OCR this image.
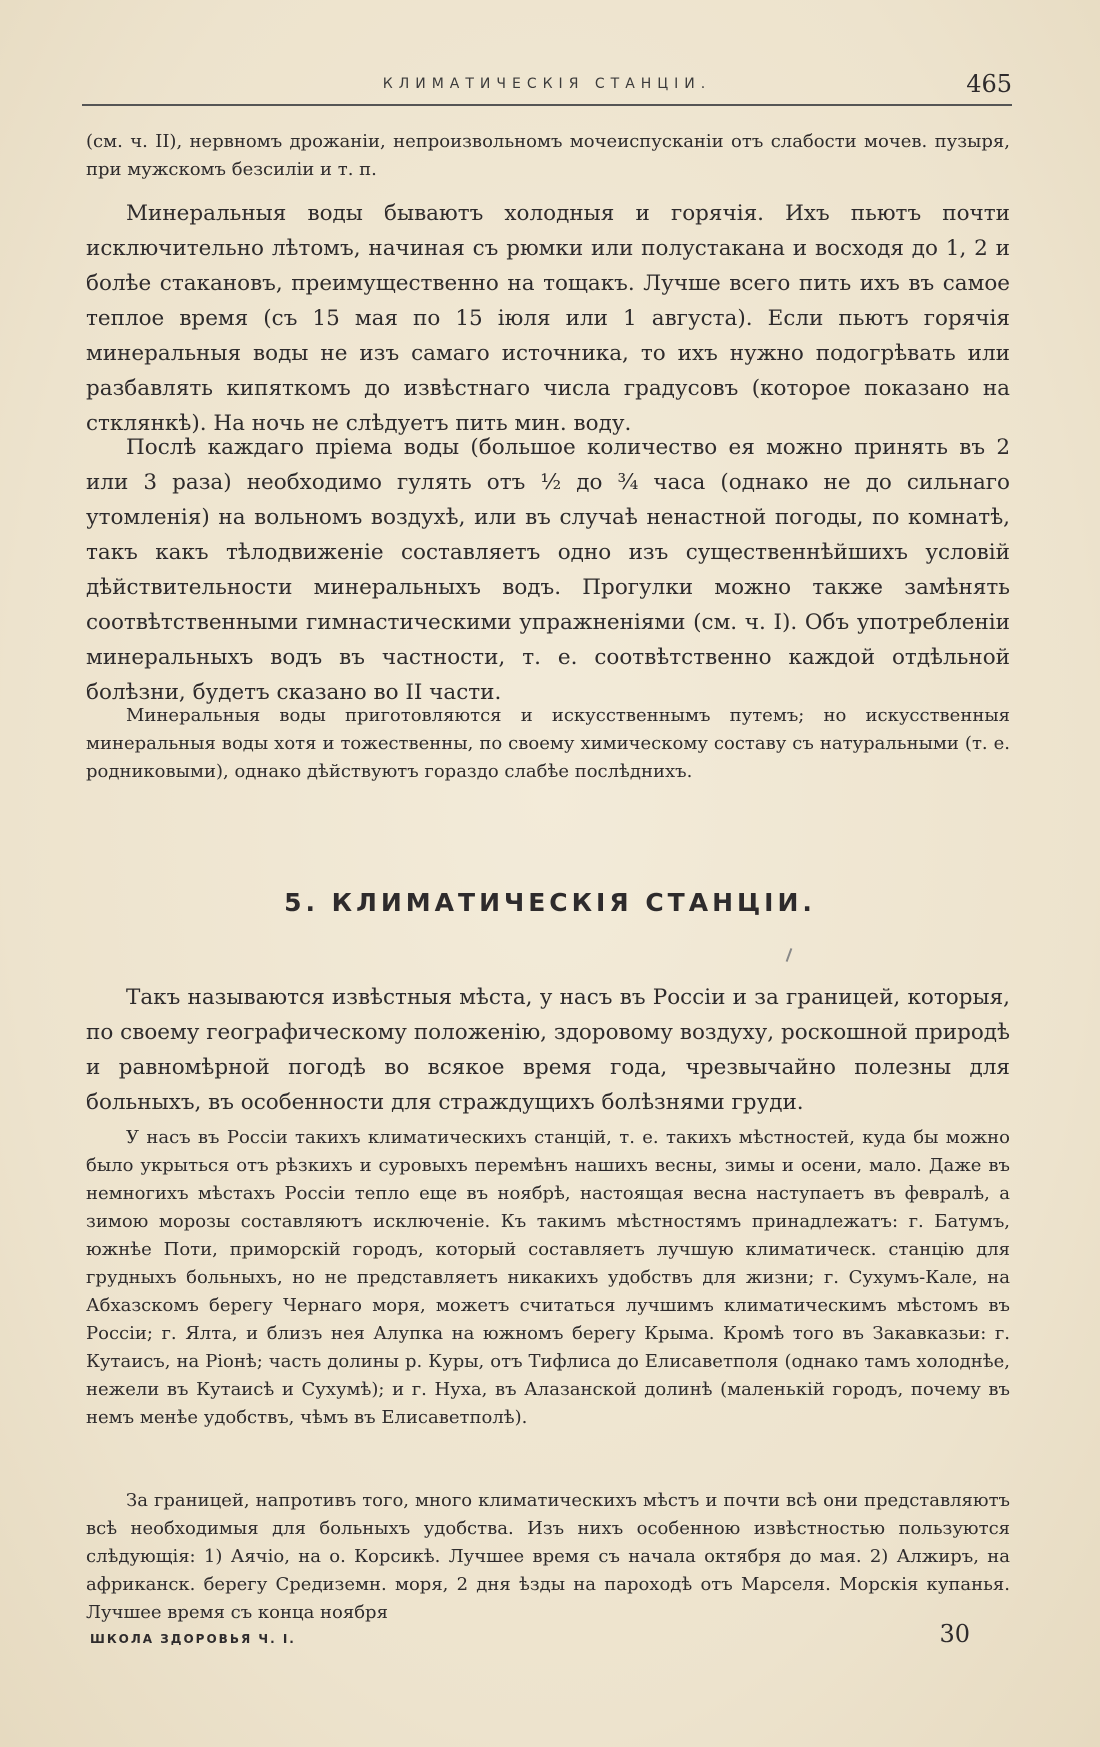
КЛИМАТИЧЕСКІЯ СТАНЦІИ.	465

(см. ч. II), нервномъ дрожаніи, непроизвольномъ мочеиспусканіи отъ слабости мочев. пузыря, при мужскомъ безсиліи и т. п.

Минеральныя воды бываютъ холодныя и горячія. Ихъ пьютъ почти исключительно лѣтомъ, начиная съ рюмки или полустакана и восходя до 1, 2 и болѣе стакановъ, преимущественно на тощакъ. Лучше всего пить ихъ въ самое теплое время (съ 15 мая по 15 іюля или 1 августа). Если пьютъ горячія минеральныя воды не изъ самаго источника, то ихъ нужно подогрѣвать или разбавлять кипяткомъ до извѣстнаго числа градусовъ (которое показано на стклянкѣ). На ночь не слѣдуетъ пить мин. воду.

Послѣ каждаго пріема воды (большое количество ея можно принять въ 2 или 3 раза) необходимо гулять отъ ½ до ¾ часа (однако не до сильнаго утомленія) на вольномъ воздухѣ, или въ случаѣ ненастной погоды, по комнатѣ, такъ какъ тѣлодвиженіе составляетъ одно изъ существеннѣйшихъ условій дѣйствительности минеральныхъ водъ. Прогулки можно также замѣнять соотвѣтственными гимнастическими упражненіями (см. ч. I). Объ употребленіи минеральныхъ водъ въ частности, т. е. соотвѣтственно каждой отдѣльной болѣзни, будетъ сказано во II части.

Минеральныя воды приготовляются и искусственнымъ путемъ; но искусственныя минеральныя воды хотя и тожественны, по своему химическому составу съ натуральными (т. е. родниковыми), однако дѣйствуютъ гораздо слабѣе послѣднихъ.

5. КЛИМАТИЧЕСКІЯ СТАНЦІИ.

Такъ называются извѣстныя мѣста, у насъ въ Россіи и за границей, которыя, по своему географическому положенію, здоровому воздуху, роскошной природѣ и равномѣрной погодѣ во всякое время года, чрезвычайно полезны для больныхъ, въ особенности для страждущихъ болѣзнями груди.

У насъ въ Россіи такихъ климатическихъ станцій, т. е. такихъ мѣстностей, куда бы можно было укрыться отъ рѣзкихъ и суровыхъ перемѣнъ нашихъ весны, зимы и осени, мало. Даже въ немногихъ мѣстахъ Россіи тепло еще въ ноябрѣ, настоящая весна наступаетъ въ февралѣ, а зимою морозы составляютъ исключеніе. Къ такимъ мѣстностямъ принадлежатъ: г. Батумъ, южнѣе Поти, приморскій городъ, который составляетъ лучшую климатическ. станцію для грудныхъ больныхъ, но не представляетъ никакихъ удобствъ для жизни; г. Сухумъ-Кале, на Абхазскомъ берегу Чернаго моря, можетъ считаться лучшимъ климатическимъ мѣстомъ въ Россіи; г. Ялта, и близъ нея Алупка на южномъ берегу Крыма. Кромѣ того въ Закавказьи: г. Кутаисъ, на Ріонѣ; часть долины р. Куры, отъ Тифлиса до Елисаветполя (однако тамъ холоднѣе, нежели въ Кутаисѣ и Сухумѣ); и г. Нуха, въ Алазанской долинѣ (маленькій городъ, почему въ немъ менѣе удобствъ, чѣмъ въ Елисаветполѣ).

За границей, напротивъ того, много климатическихъ мѣстъ и почти всѣ они представляютъ всѣ необходимыя для больныхъ удобства. Изъ нихъ особенною извѣстностью пользуются слѣдующія: 1) Аячіо, на о. Корсикѣ. Лучшее время съ начала октября до мая. 2) Алжиръ, на африканск. берегу Средиземн. моря, 2 дня ѣзды на пароходѣ отъ Марселя. Морскія купанья. Лучшее время съ конца ноября

ШКОЛА ЗДОРОВЬЯ Ч. I.	30
